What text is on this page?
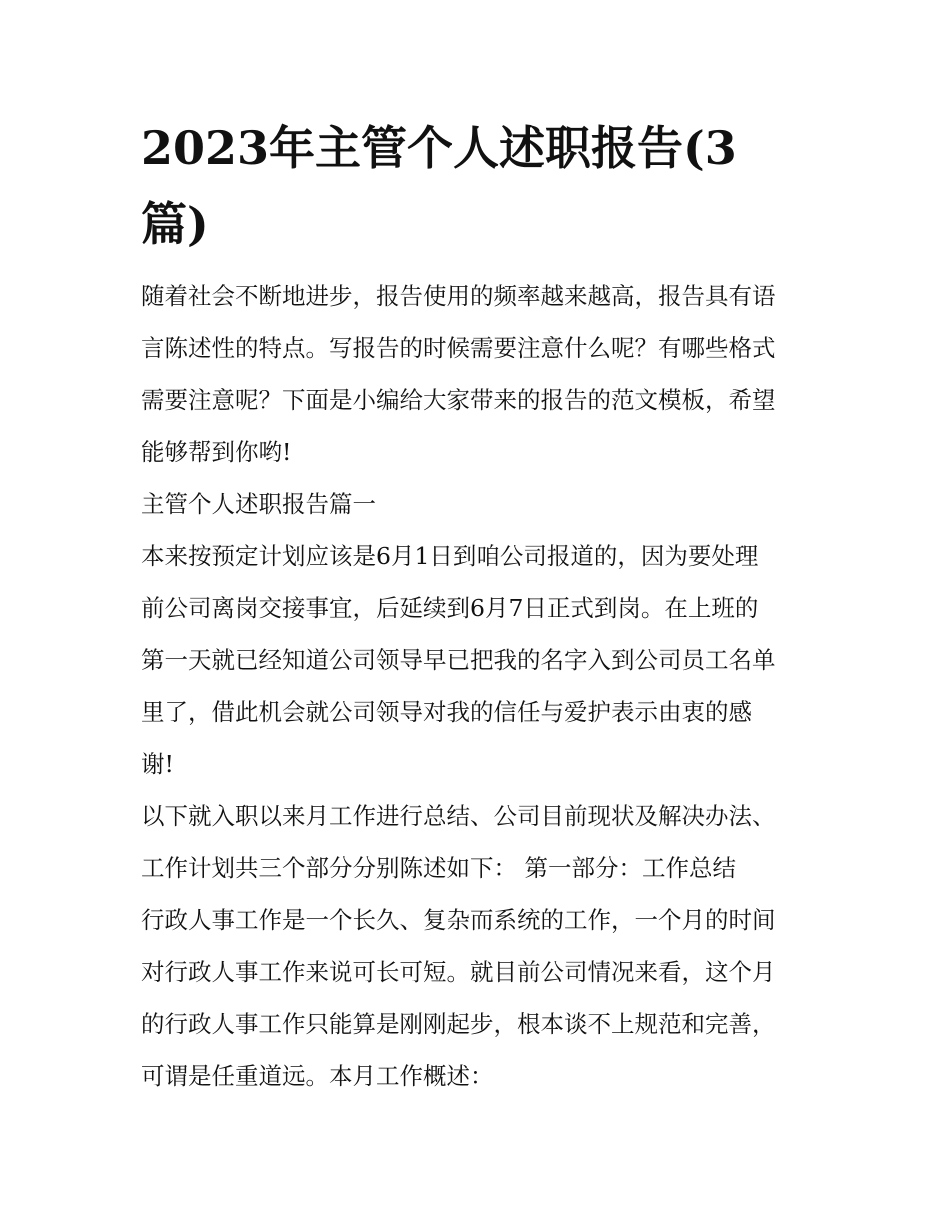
2023年主管个人述职报告(3
篇)

随着社会不断地进步，报告使用的频率越来越高，报告具有语
言陈述性的特点。写报告的时候需要注意什么呢？有哪些格式
需要注意呢？下面是小编给大家带来的报告的范文模板，希望
能够帮到你哟!

主管个人述职报告篇一

本来按预定计划应该是6月1日到咱公司报道的，因为要处理
前公司离岗交接事宜，后延续到6月7日正式到岗。在上班的
第一天就已经知道公司领导早已把我的名字入到公司员工名单
里了，借此机会就公司领导对我的信任与爱护表示由衷的感
谢!

以下就入职以来月工作进行总结、公司目前现状及解决办法、
工作计划共三个部分分别陈述如下： 第一部分：工作总结

行政人事工作是一个长久、复杂而系统的工作，一个月的时间
对行政人事工作来说可长可短。就目前公司情况来看，这个月
的行政人事工作只能算是刚刚起步，根本谈不上规范和完善，
可谓是任重道远。本月工作概述：
